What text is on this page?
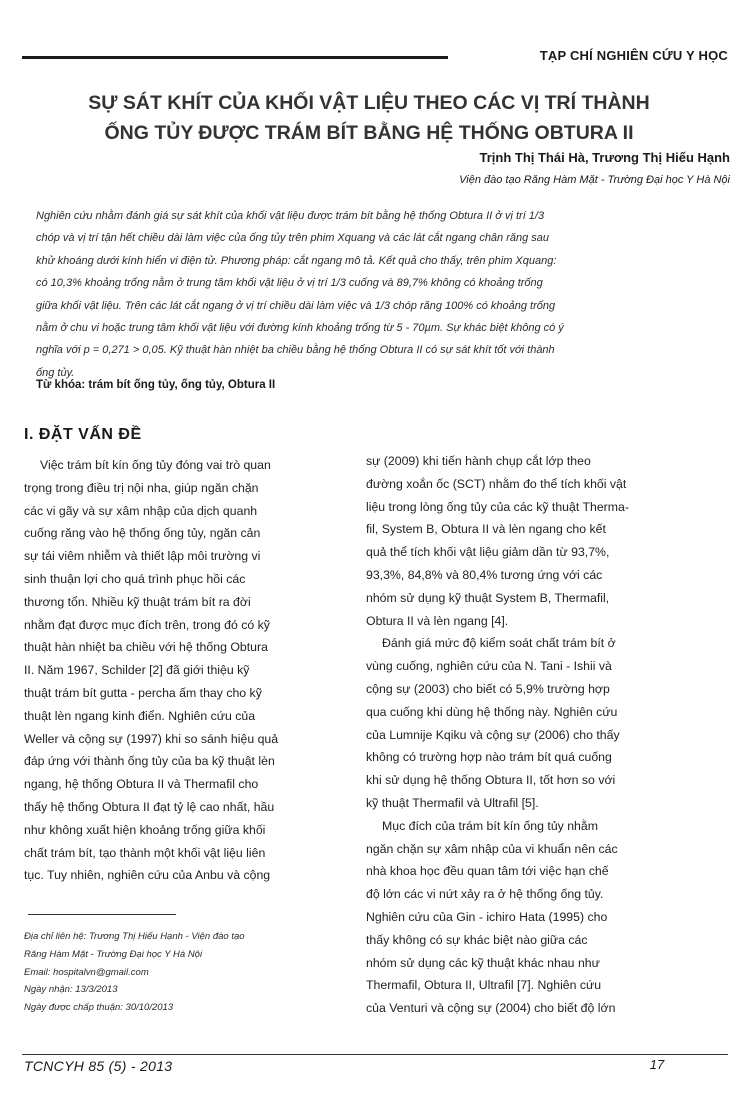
TẠP CHÍ NGHIÊN CỨU Y HỌC
SỰ SÁT KHÍT CỦA KHỐI VẬT LIỆU THEO CÁC VỊ TRÍ THÀNH
ỐNG TỦY ĐƯỢC TRÁM BÍT BẰNG HỆ THỐNG OBTURA II
Trịnh Thị Thái Hà, Trương Thị Hiếu Hạnh
Viện đào tạo Răng Hàm Mặt - Trường Đại học Y Hà Nội
Nghiên cứu nhằm đánh giá sự sát khít của khối vật liệu được trám bít bằng hệ thống Obtura II ở vị trí 1/3
chóp và vị trí tận hết chiều dài làm việc của ống tủy trên phim Xquang và các lát cắt ngang chân răng sau
khử khoáng dưới kính hiển vi điện tử. Phương pháp: cắt ngang mô tả. Kết quả cho thấy, trên phim Xquang:
có 10,3% khoảng trống nằm ở trung tâm khối vật liệu ở vị trí 1/3 cuống và 89,7% không có khoảng trống
giữa khối vật liệu. Trên các lát cắt ngang ở vị trí chiều dài làm việc và 1/3 chóp răng 100% có khoảng trống
nằm ở chu vi hoặc trung tâm khối vật liệu với đường kính khoảng trống từ 5 - 70µm. Sự khác biệt không có ý
nghĩa với p = 0,271 > 0,05. Kỹ thuật hàn nhiệt ba chiều bằng hệ thống Obtura II có sự sát khít tốt với thành
ống tủy.
Từ khóa: trám bít ống tủy, ống tủy, Obtura II
I. ĐẶT VẤN ĐỀ
Việc trám bít kín ống tủy đóng vai trò quan
trọng trong điều trị nội nha, giúp ngăn chặn
các vi gãy và sự xâm nhập của dịch quanh
cuống răng vào hệ thống ống tủy, ngăn cản
sự tái viêm nhiễm và thiết lập môi trường vi
sinh thuận lợi cho quá trình phục hồi các
thương tổn. Nhiều kỹ thuật trám bít ra đời
nhằm đạt được mục đích trên, trong đó có kỹ
thuật hàn nhiệt ba chiều với hệ thống Obtura
II. Năm 1967, Schilder [2] đã giới thiệu kỹ
thuật trám bít gutta - percha ấm thay cho kỹ
thuật lèn ngang kinh điển. Nghiên cứu của
Weller và cộng sự (1997) khi so sánh hiệu quả
đáp ứng với thành ống tủy của ba kỹ thuật lèn
ngang, hệ thống Obtura II và Thermafil cho
thấy hệ thống Obtura II đạt tỷ lệ cao nhất, hầu
như không xuất hiện khoảng trống giữa khối
chất trám bít, tạo thành một khối vật liệu liên
tục. Tuy nhiên, nghiên cứu của Anbu và cộng
sự (2009) khi tiến hành chụp cắt lớp theo
đường xoắn ốc (SCT) nhằm đo thể tích khối vật
liệu trong lòng ống tủy của các kỹ thuật Therma-
fil, System B, Obtura II và lèn ngang cho kết
quả thể tích khối vật liệu giảm dần từ 93,7%,
93,3%, 84,8% và 80,4% tương ứng với các
nhóm sử dụng kỹ thuật System B, Thermafil,
Obtura II và lèn ngang [4].
Đánh giá mức độ kiểm soát chất trám bít ở
vùng cuống, nghiên cứu của N. Tani - Ishii và
cộng sự (2003) cho biết có 5,9% trường hợp
qua cuống khi dùng hệ thống này. Nghiên cứu
của Lumnije Kqiku và cộng sự (2006) cho thấy
không có trường hợp nào trám bít quá cuống
khi sử dụng hệ thống Obtura II, tốt hơn so với
kỹ thuật Thermafil và Ultrafil [5].
Mục đích của trám bít kín ống tủy nhằm
ngăn chặn sự xâm nhập của vi khuẩn nên các
nhà khoa học đều quan tâm tới việc hạn chế
độ lớn các vi nứt xảy ra ở hệ thống ống tủy.
Nghiên cứu của Gin - ichiro Hata (1995) cho
thấy không có sự khác biệt nào giữa các
nhóm sử dụng các kỹ thuật khác nhau như
Thermafil, Obtura II, Ultrafil [7]. Nghiên cứu
của Venturi và cộng sự (2004) cho biết độ lớn
Địa chỉ liên hệ: Trương Thị Hiếu Hạnh - Viện đào tạo
Răng Hàm Mặt - Trường Đại học Y Hà Nội
Email: hospitalvn@gmail.com
Ngày nhận: 13/3/2013
Ngày được chấp thuận: 30/10/2013
TCNCYH 85 (5) - 2013	17
